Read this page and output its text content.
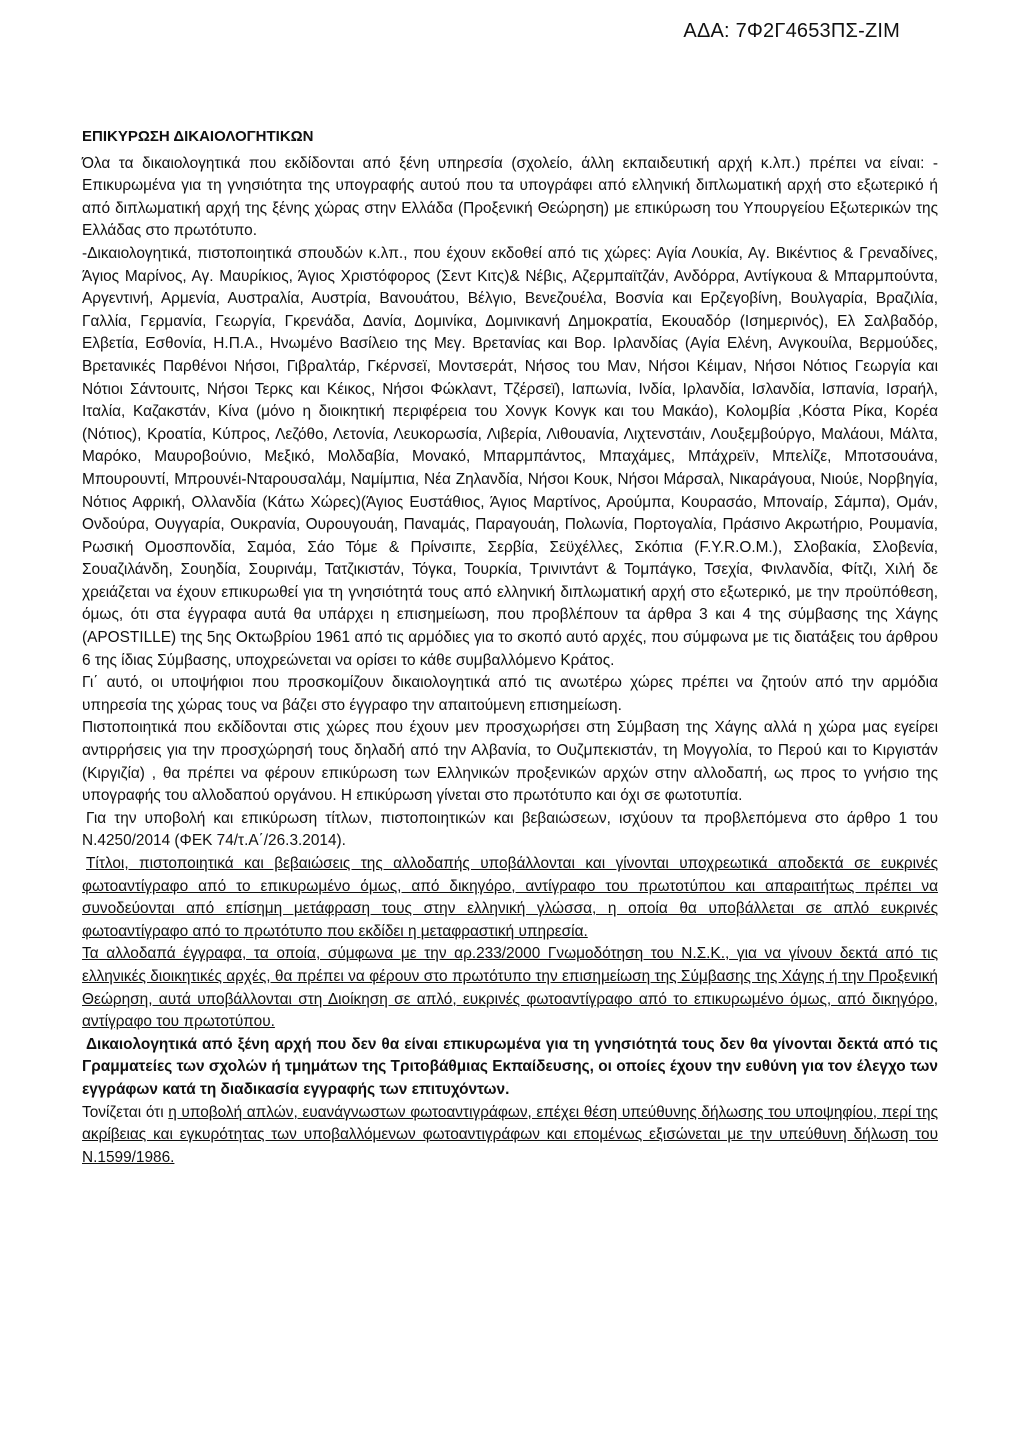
ΑΔΑ: 7Φ2Γ4653ΠΣ-ΖΙΜ
ΕΠΙΚΥΡΩΣΗ ΔΙΚΑΙΟΛΟΓΗΤΙΚΩΝ

Όλα τα δικαιολογητικά που εκδίδονται από ξένη υπηρεσία (σχολείο, άλλη εκπαιδευτική αρχή κ.λπ.) πρέπει να είναι: - Επικυρωμένα για τη γνησιότητα της υπογραφής αυτού που τα υπογράφει από ελληνική διπλωματική αρχή στο εξωτερικό ή από διπλωματική αρχή της ξένης χώρας στην Ελλάδα (Προξενική Θεώρηση) με επικύρωση του Υπουργείου Εξωτερικών της Ελλάδας στο πρωτότυπο.

-Δικαιολογητικά, πιστοποιητικά σπουδών κ.λπ., που έχουν εκδοθεί από τις χώρες: Αγία Λουκία, Αγ. Βικέντιος & Γρεναδίνες, Άγιος Μαρίνος, Αγ. Μαυρίκιος, Άγιος Χριστόφορος (Σεντ Κιτς)& Νέβις, Αζερμπαϊτζάν, Ανδόρρα, Αντίγκουα & Μπαρμπούντα, Αργεντινή, Αρμενία, Αυστραλία, Αυστρία, Βανουάτου, Βέλγιο, Βενεζουέλα, Βοσνία και Ερζεγοβίνη, Βουλγαρία, Βραζιλία, Γαλλία, Γερμανία, Γεωργία, Γκρενάδα, Δανία, Δομινίκα, Δομινικανή Δημοκρατία, Εκουαδόρ (Ισημερινός), Ελ Σαλβαδόρ, Ελβετία, Εσθονία, Η.Π.Α., Ηνωμένο Βασίλειο της Μεγ. Βρετανίας και Βορ. Ιρλανδίας (Αγία Ελένη, Ανγκουίλα, Βερμούδες, Βρετανικές Παρθένοι Νήσοι, Γιβραλτάρ, Γκέρνσεϊ, Μοντσεράτ, Νήσος του Μαν, Νήσοι Κέιμαν, Νήσοι Νότιος Γεωργία και Νότιοι Σάντουιτς, Νήσοι Τερκς και Κέικος, Νήσοι Φώκλαντ, Τζέρσεϊ), Ιαπωνία, Ινδία, Ιρλανδία, Ισλανδία, Ισπανία, Ισραήλ, Ιταλία, Καζακστάν, Κίνα (μόνο η διοικητική περιφέρεια του Χονγκ Κονγκ και του Μακάο), Κολομβία ,Κόστα Ρίκα, Κορέα (Νότιος), Κροατία, Κύπρος, Λεζόθο, Λετονία, Λευκορωσία, Λιβερία, Λιθουανία, Λιχτενστάιν, Λουξεμβούργο, Μαλάουι, Μάλτα, Μαρόκο, Μαυροβούνιο, Μεξικό, Μολδαβία, Μονακό, Μπαρμπάντος, Μπαχάμες, Μπάχρεϊν, Μπελίζε, Μποτσουάνα, Μπουρουντί, Μπρουνέι-Νταρουσαλάμ, Ναμίμπια, Νέα Ζηλανδία, Νήσοι Κουκ, Νήσοι Μάρσαλ, Νικαράγουα, Νιούε, Νορβηγία, Νότιος Αφρική, Ολλανδία (Κάτω Χώρες)(Άγιος Ευστάθιος, Άγιος Μαρτίνος, Αρούμπα, Κουρασάο, Μποναίρ, Σάμπα), Ομάν, Ονδούρα, Ουγγαρία, Ουκρανία, Ουρουγουάη, Παναμάς, Παραγουάη, Πολωνία, Πορτογαλία, Πράσινο Ακρωτήριο, Ρουμανία, Ρωσική Ομοσπονδία, Σαμόα, Σάο Τόμε & Πρίνσιπε, Σερβία, Σεϋχέλλες, Σκόπια (F.Y.R.O.M.), Σλοβακία, Σλοβενία, Σουαζιλάνδη, Σουηδία, Σουρινάμ, Τατζικιστάν, Τόγκα, Τουρκία, Τρινιντάντ & Τομπάγκο, Τσεχία, Φινλανδία, Φίτζι, Χιλή δε χρειάζεται να έχουν επικυρωθεί για τη γνησιότητά τους από ελληνική διπλωματική αρχή στο εξωτερικό, με την προϋπόθεση, όμως, ότι στα έγγραφα αυτά θα υπάρχει η επισημείωση, που προβλέπουν τα άρθρα 3 και 4 της σύμβασης της Χάγης (APOSTILLE) της 5ης Οκτωβρίου 1961 από τις αρμόδιες για το σκοπό αυτό αρχές, που σύμφωνα με τις διατάξεις του άρθρου 6 της ίδιας Σύμβασης, υποχρεώνεται να ορίσει το κάθε συμβαλλόμενο Κράτος.

Γι΄ αυτό, οι υποψήφιοι που προσκομίζουν δικαιολογητικά από τις ανωτέρω χώρες πρέπει να ζητούν από την αρμόδια υπηρεσία της χώρας τους να βάζει στο έγγραφο την απαιτούμενη επισημείωση.

Πιστοποιητικά που εκδίδονται στις χώρες που έχουν μεν προσχωρήσει στη Σύμβαση της Χάγης αλλά η χώρα μας εγείρει αντιρρήσεις για την προσχώρησή τους δηλαδή από την Αλβανία, το Ουζμπεκιστάν, τη Μογγολία, το Περού και το Κιργιστάν (Κιργιζία) , θα πρέπει να φέρουν επικύρωση των Ελληνικών προξενικών αρχών στην αλλοδαπή, ως προς το γνήσιο της υπογραφής του αλλοδαπού οργάνου. Η επικύρωση γίνεται στο πρωτότυπο και όχι σε φωτοτυπία.

Για την υποβολή και επικύρωση τίτλων, πιστοποιητικών και βεβαιώσεων, ισχύουν τα προβλεπόμενα στο άρθρο 1 του Ν.4250/2014 (ΦΕΚ 74/τ.Α΄/26.3.2014).

Τίτλοι, πιστοποιητικά και βεβαιώσεις της αλλοδαπής υποβάλλονται και γίνονται υποχρεωτικά αποδεκτά σε ευκρινές φωτοαντίγραφο από το επικυρωμένο όμως, από δικηγόρο, αντίγραφο του πρωτοτύπου και απαραιτήτως πρέπει να συνοδεύονται από επίσημη μετάφραση τους στην ελληνική γλώσσα, η οποία θα υποβάλλεται σε απλό ευκρινές φωτοαντίγραφο από το πρωτότυπο που εκδίδει η μεταφραστική υπηρεσία.

Τα αλλοδαπά έγγραφα, τα οποία, σύμφωνα με την αρ.233/2000 Γνωμοδότηση του Ν.Σ.Κ., για να γίνουν δεκτά από τις ελληνικές διοικητικές αρχές, θα πρέπει να φέρουν στο πρωτότυπο την επισημείωση της Σύμβασης της Χάγης ή την Προξενική Θεώρηση, αυτά υποβάλλονται στη Διοίκηση σε απλό, ευκρινές φωτοαντίγραφο από το επικυρωμένο όμως, από δικηγόρο, αντίγραφο του πρωτοτύπου.

Δικαιολογητικά από ξένη αρχή που δεν θα είναι επικυρωμένα για τη γνησιότητά τους δεν θα γίνονται δεκτά από τις Γραμματείες των σχολών ή τμημάτων της Τριτοβάθμιας Εκπαίδευσης, οι οποίες έχουν την ευθύνη για τον έλεγχο των εγγράφων κατά τη διαδικασία εγγραφής των επιτυχόντων.

Τονίζεται ότι η υποβολή απλών, ευανάγνωστων φωτοαντιγράφων, επέχει θέση υπεύθυνης δήλωσης του υποψηφίου, περί της ακρίβειας και εγκυρότητας των υποβαλλόμενων φωτοαντιγράφων και επομένως εξισώνεται με την υπεύθυνη δήλωση του Ν.1599/1986.
